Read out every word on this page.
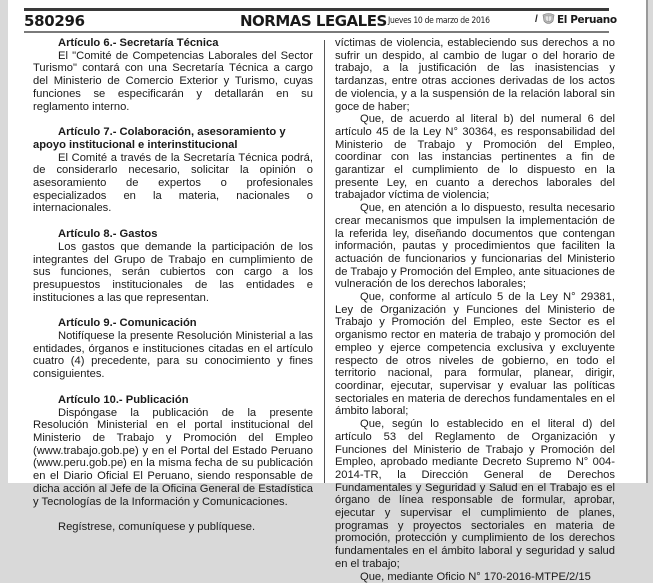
580296	NORMAS LEGALES Jueves 10 de marzo de 2016	/ El Peruano
Artículo 6.- Secretaría Técnica

El "Comité de Competencias Laborales del Sector Turismo" contará con una Secretaría Técnica a cargo del Ministerio de Comercio Exterior y Turismo, cuyas funciones se especificarán y detallarán en su reglamento interno.

Artículo 7.- Colaboración, asesoramiento y apoyo institucional e interinstitucional

El Comité a través de la Secretaría Técnica podrá, de considerarlo necesario, solicitar la opinión o asesoramiento de expertos o profesionales especializados en la materia, nacionales o internacionales.

Artículo 8.- Gastos

Los gastos que demande la participación de los integrantes del Grupo de Trabajo en cumplimiento de sus funciones, serán cubiertos con cargo a los presupuestos institucionales de las entidades e instituciones a las que representan.

Artículo 9.- Comunicación

Notifíquese la presente Resolución Ministerial a las entidades, órganos e instituciones citadas en el artículo cuatro (4) precedente, para su conocimiento y fines consiguientes.

Artículo 10.- Publicación

Dispóngase la publicación de la presente Resolución Ministerial en el portal institucional del Ministerio de Trabajo y Promoción del Empleo (www.trabajo.gob.pe) y en el Portal del Estado Peruano (www.peru.gob.pe) en la misma fecha de su publicación en el Diario Oficial El Peruano, siendo responsable de dicha acción al Jefe de la Oficina General de Estadística y Tecnologías de la Información y Comunicaciones.

Regístrese, comuníquese y publíquese.

víctimas de violencia, estableciendo sus derechos a no sufrir un despido, al cambio de lugar o del horario de trabajo, a la justificación de las inasistencias y tardanzas, entre otras acciones derivadas de los actos de violencia, y a la suspensión de la relación laboral sin goce de haber;

Que, de acuerdo al literal b) del numeral 6 del artículo 45 de la Ley N° 30364, es responsabilidad del Ministerio de Trabajo y Promoción del Empleo, coordinar con las instancias pertinentes a fin de garantizar el cumplimiento de lo dispuesto en la presente Ley, en cuanto a derechos laborales del trabajador víctima de violencia;

Que, en atención a lo dispuesto, resulta necesario crear mecanismos que impulsen la implementación de la referida ley, diseñando documentos que contengan información, pautas y procedimientos que faciliten la actuación de funcionarios y funcionarias del Ministerio de Trabajo y Promoción del Empleo, ante situaciones de vulneración de los derechos laborales;

Que, conforme al artículo 5 de la Ley N° 29381, Ley de Organización y Funciones del Ministerio de Trabajo y Promoción del Empleo, este Sector es el organismo rector en materia de trabajo y promoción del empleo y ejerce competencia exclusiva y excluyente respecto de otros niveles de gobierno, en todo el territorio nacional, para formular, planear, dirigir, coordinar, ejecutar, supervisar y evaluar las políticas sectoriales en materia de derechos fundamentales en el ámbito laboral;

Que, según lo establecido en el literal d) del artículo 53 del Reglamento de Organización y Funciones del Ministerio de Trabajo y Promoción del Empleo, aprobado mediante Decreto Supremo N° 004-2014-TR, la Dirección General de Derechos Fundamentales y Seguridad y Salud en el Trabajo es el órgano de línea responsable de formular, aprobar, ejecutar y supervisar el cumplimiento de planes, programas y proyectos sectoriales en materia de promoción, protección y cumplimiento de los derechos fundamentales en el ámbito laboral y seguridad y salud en el trabajo;

Que, mediante Oficio N° 170-2016-MTPE/2/15
